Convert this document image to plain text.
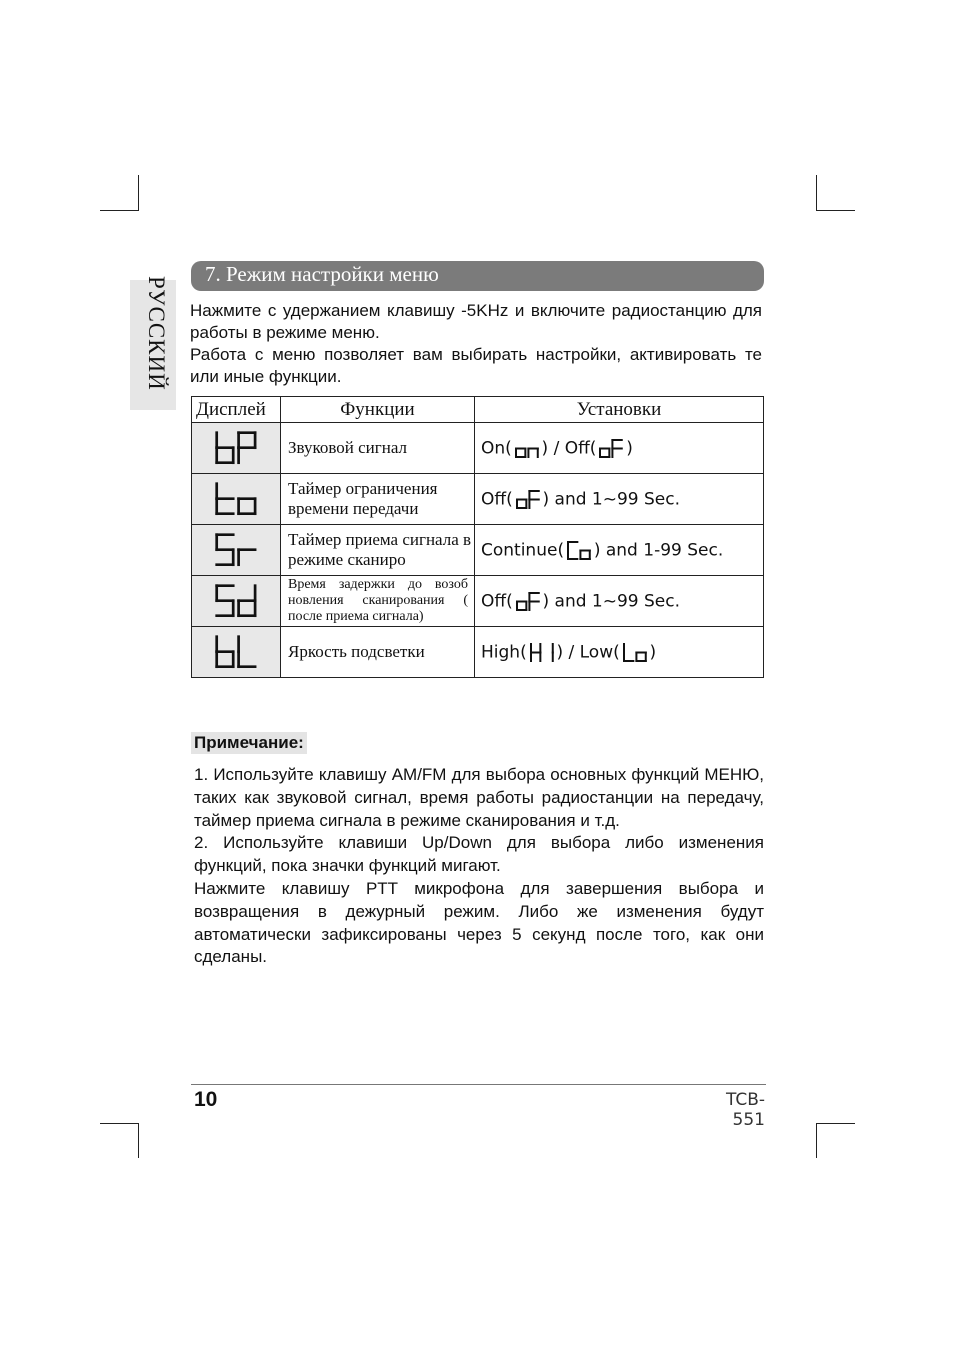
РУССКИЙ
7. Режим настройки меню

Нажмите с удержанием клавишу -5KHz и включите радиостанцию для работы в режиме меню.

Работа с меню позволяет вам выбирать настройки, активировать те или иные функции.

Дисплей	Функции	Установки
	Звуковой сигнал	On( ) / Off( )
	Таймер ограничения времени передачи	Off( ) and 1~99 Sec.
	Таймер приема сигнала в режиме сканиро	Continue( ) and 1-99 Sec.
	Время задержки до возоб новления сканирования ( после приема сигнала)	Off( ) and 1~99 Sec.
	Яркость подсветки	High( ) / Low( )
Примечание:

1. Используйте клавишу AM/FM для выбора основных функций МЕНЮ, таких как звуковой сигнал, время работы радиостанции на передачу, таймер приема сигнала в режиме сканирования и т.д.

2. Используйте клавиши Up/Down для выбора либо изменения функций, пока значки функций мигают.

Нажмите клавишу PTT микрофона для завершения выбора и возвращения в дежурный режим. Либо же изменения будут автоматически зафиксированы через 5 секунд после того, как они сделаны.

10	TCB-551
